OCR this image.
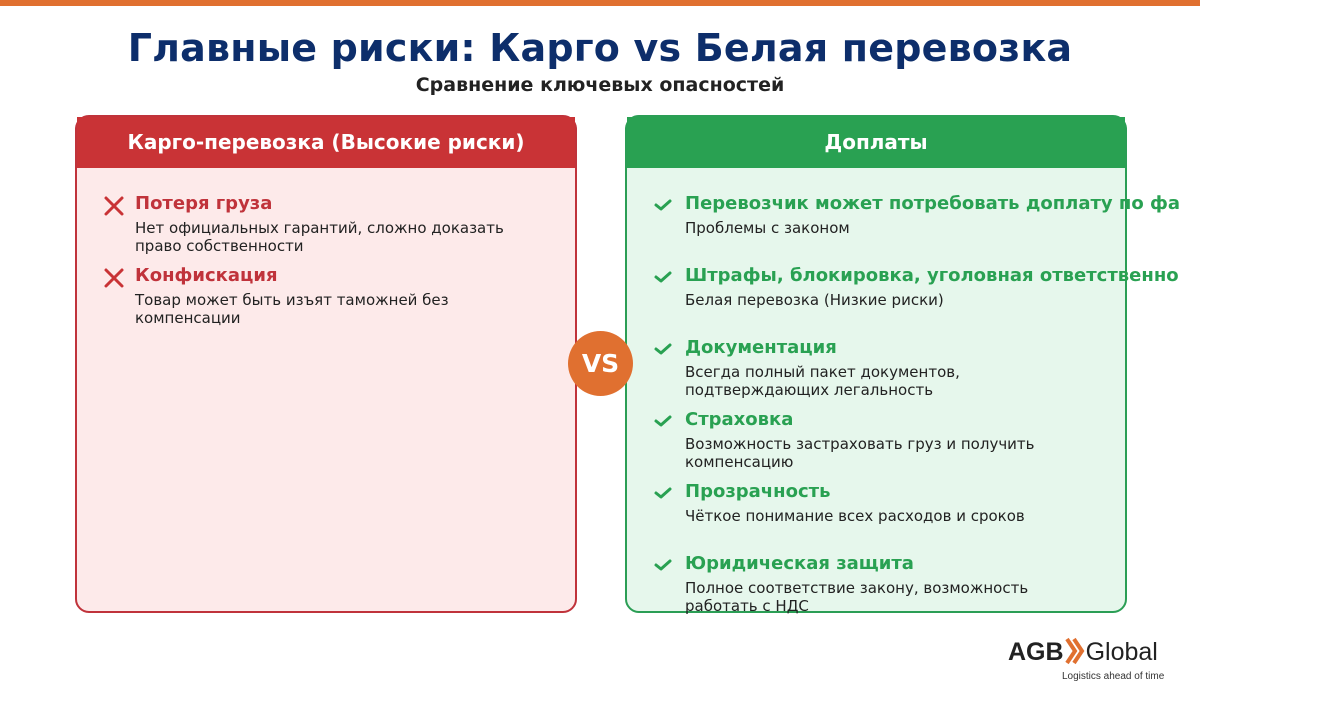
Главные риски: Карго vs Белая перевозка
Сравнение ключевых опасностей
Карго-перевозка (Высокие риски)
Потеря груза
Нет официальных гарантий, сложно доказать право собственности
Конфискация
Товар может быть изъят таможней без компенсации
VS
Доплаты
Перевозчик может потребовать доплату по фа
Проблемы с законом
Штрафы, блокировка, уголовная ответственно
Белая перевозка (Низкие риски)
Документация
Всегда полный пакет документов, подтверждающих легальность
Страховка
Возможность застраховать груз и получить компенсацию
Прозрачность
Чёткое понимание всех расходов и сроков
Юридическая защита
Полное соответствие закону, возможность работать с НДС
AGB Global
Logistics ahead of time
